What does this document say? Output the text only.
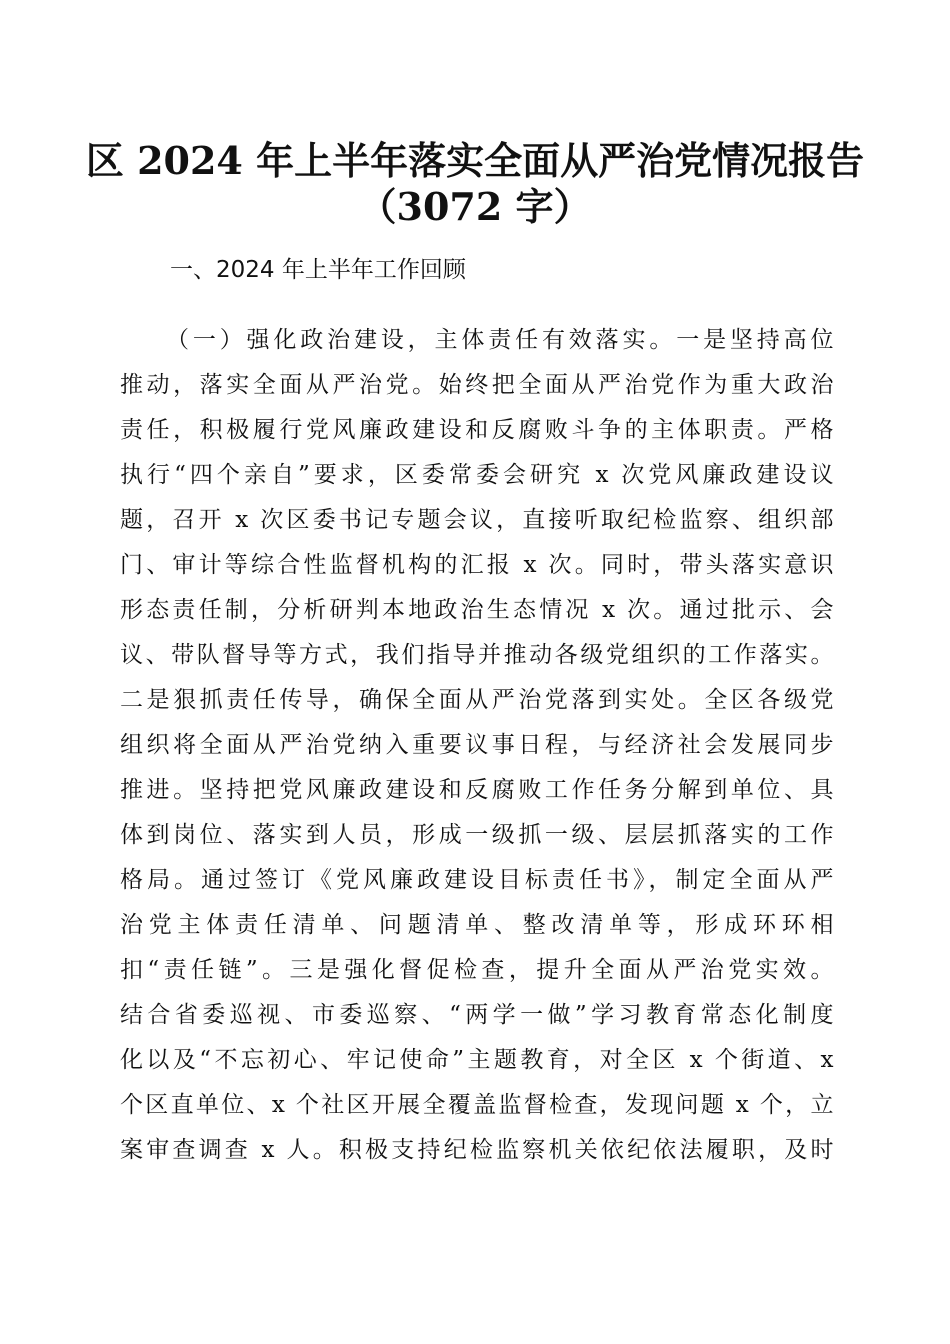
区 2024 年上半年落实全面从严治党情况报告
（3072 字）

一、2024 年上半年工作回顾

（一）强化政治建设，主体责任有效落实。一是坚持高位

推动，落实全面从严治党。始终把全面从严治党作为重大政治

责任，积极履行党风廉政建设和反腐败斗争的主体职责。严格

执行“四个亲自”要求，区委常委会研究 x 次党风廉政建设议

题，召开 x 次区委书记专题会议，直接听取纪检监察、组织部

门、审计等综合性监督机构的汇报 x 次。同时，带头落实意识

形态责任制，分析研判本地政治生态情况 x 次。通过批示、会

议、带队督导等方式，我们指导并推动各级党组织的工作落实。

二是狠抓责任传导，确保全面从严治党落到实处。全区各级党

组织将全面从严治党纳入重要议事日程，与经济社会发展同步

推进。坚持把党风廉政建设和反腐败工作任务分解到单位、具

体到岗位、落实到人员，形成一级抓一级、层层抓落实的工作

格局。通过签订《党风廉政建设目标责任书》，制定全面从严

治党主体责任清单、问题清单、整改清单等，形成环环相

扣“责任链”。三是强化督促检查，提升全面从严治党实效。

结合省委巡视、市委巡察、“两学一做”学习教育常态化制度

化以及“不忘初心、牢记使命”主题教育，对全区 x 个街道、x

个区直单位、x 个社区开展全覆盖监督检查，发现问题 x 个，立

案审查调查 x 人。积极支持纪检监察机关依纪依法履职，及时
